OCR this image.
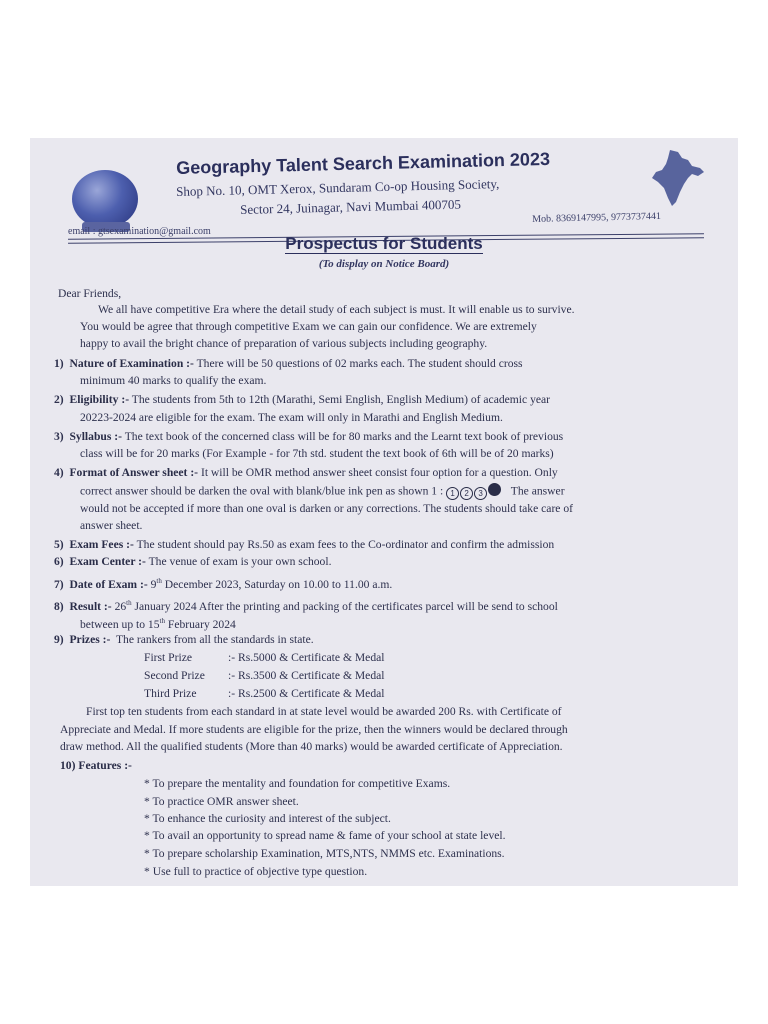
Geography Talent Search Examination 2023
Shop No. 10, OMT Xerox, Sundaram Co-op Housing Society,
Sector 24, Juinagar, Navi Mumbai 400705
email : gtsexamination@gmail.com
Mob. 8369147995, 9773737441
Prospectus for Students
(To display on Notice Board)
Dear Friends,
We all have competitive Era where the detail study of each subject is must. It will enable us to survive.
You would be agree that through competitive Exam we can gain our confidence. We are extremely
happy to avail the bright chance of preparation of various subjects including geography.
1) Nature of Examination :- There will be 50 questions of 02 marks each. The student should cross
minimum 40 marks to qualify the exam.
2) Eligibility :- The students from 5th to 12th (Marathi, Semi English, English Medium) of academic year
20223-2024 are eligible for the exam. The exam will only in Marathi and English Medium.
3) Syllabus :- The text book of the concerned class will be for 80 marks and the Learnt text book of previous
class will be for 20 marks (For Example - for 7th std. student the text book of 6th will be of 20 marks)
4) Format of Answer sheet :- It will be OMR method answer sheet consist four option for a question. Only
correct answer should be darken the oval with blank/blue ink pen as shown 1 : 1 2 3 The answer
would not be accepted if more than one oval is darken or any corrections. The students should take care of
answer sheet.
5) Exam Fees :- The student should pay Rs.50 as exam fees to the Co-ordinator and confirm the admission
6) Exam Center :- The venue of exam is your own school.
7) Date of Exam :- 9th December 2023, Saturday on 10.00 to 11.00 a.m.
8) Result :- 26th January 2024 After the printing and packing of the certificates parcel will be send to school
between up to 15th February 2024
9) Prizes :- The rankers from all the standards in state.
First Prize	:- Rs.5000 & Certificate & Medal
Second Prize :- Rs.3500 & Certificate & Medal
Third Prize	:- Rs.2500 & Certificate & Medal
First top ten students from each standard in at state level would be awarded 200 Rs. with Certificate of
Appreciate and Medal. If more students are eligible for the prize, then the winners would be declared through
draw method. All the qualified students (More than 40 marks) would be awarded certificate of Appreciation.
10) Features :-
* To prepare the mentality and foundation for competitive Exams.
* To practice OMR answer sheet.
* To enhance the curiosity and interest of the subject.
* To avail an opportunity to spread name & fame of your school at state level.
* To prepare scholarship Examination, MTS,NTS, NMMS etc. Examinations.
* Use full to practice of objective type question.
